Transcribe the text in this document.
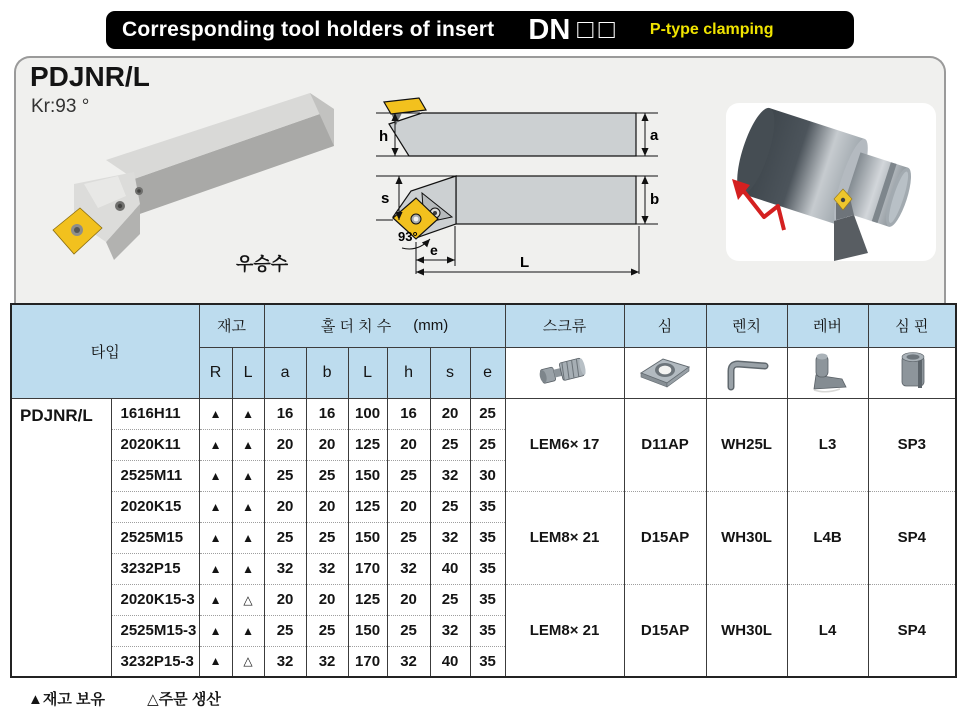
Corresponding tool holders of insert DN □□ P-type clamping
PDJNR/L
Kr:93 °
우승수
h	a
s	b
93°
e
L
타입		재고		홀 더 치 수 (mm)						스크류	심	렌치	레버	심 핀
		R	L	a	b	L	h	s	e					
PDJNR/L	1616H11	▲	▲	16	16	100	16	20	25	LEM6× 17	D11AP	WH25L	L3	SP3
	2020K11	▲	▲	20	20	125	20	25	25					
	2525M11	▲	▲	25	25	150	25	32	30					
	2020K15	▲	▲	20	20	125	20	25	35	LEM8× 21	D15AP	WH30L	L4B	SP4
	2525M15	▲	▲	25	25	150	25	32	35					
	3232P15	▲	▲	32	32	170	32	40	35					
	2020K15-3	▲	△	20	20	125	20	25	35	LEM8× 21	D15AP	WH30L	L4	SP4
	2525M15-3	▲	▲	25	25	150	25	32	35					
	3232P15-3	▲	△	32	32	170	32	40	35					
▲재고 보유	△주문 생산
